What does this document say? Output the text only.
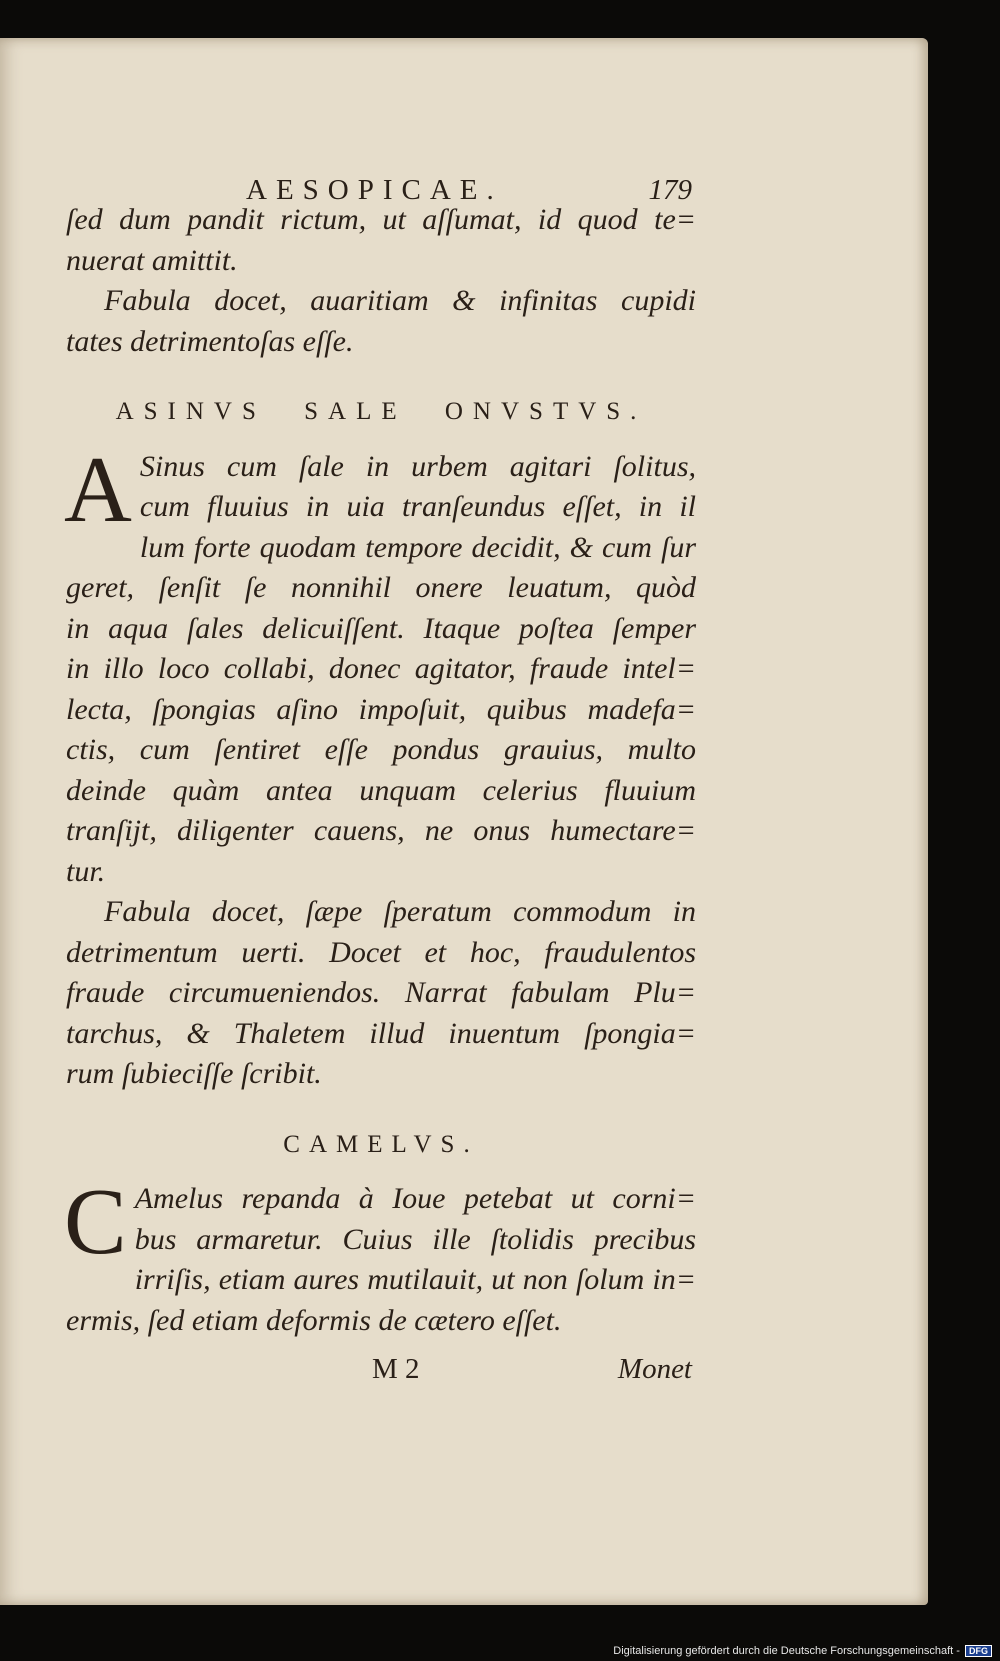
AESOPICAE.	179
ſed dum pandit rictum, ut aſſumat, id quod te=
nuerat amittit.
Fabula docet, auaritiam & infinitas cupidi
tates detrimentoſas eſſe.
ASINVS SALE ONVSTVS.
A Sinus cum ſale in urbem agitari ſolitus,
cum fluuius in uia tranſeundus eſſet, in il
lum forte quodam tempore decidit, & cum ſur
geret, ſenſit ſe nonnihil onere leuatum, quòd
in aqua ſales delicuiſſent. Itaque poſtea ſemper
in illo loco collabi, donec agitator, fraude intel=
lecta, ſpongias aſino impoſuit, quibus madefa=
ctis, cum ſentiret eſſe pondus grauius, multo
deinde quàm antea unquam celerius fluuium
tranſijt, diligenter cauens, ne onus humectare=
tur.
Fabula docet, ſæpe ſperatum commodum in
detrimentum uerti. Docet et hoc, fraudulentos
fraude circumueniendos. Narrat fabulam Plu=
tarchus, & Thaletem illud inuentum ſpongia=
rum ſubieciſſe ſcribit.
CAMELVS.
C Amelus repanda à Ioue petebat ut corni=
bus armaretur. Cuius ille ſtolidis precibus
irriſis, etiam aures mutilauit, ut non ſolum in=
ermis, ſed etiam deformis de cætero eſſet.
M 2	Monet
Digitalisierung gefördert durch die Deutsche Forschungsgemeinschaft - DFG
